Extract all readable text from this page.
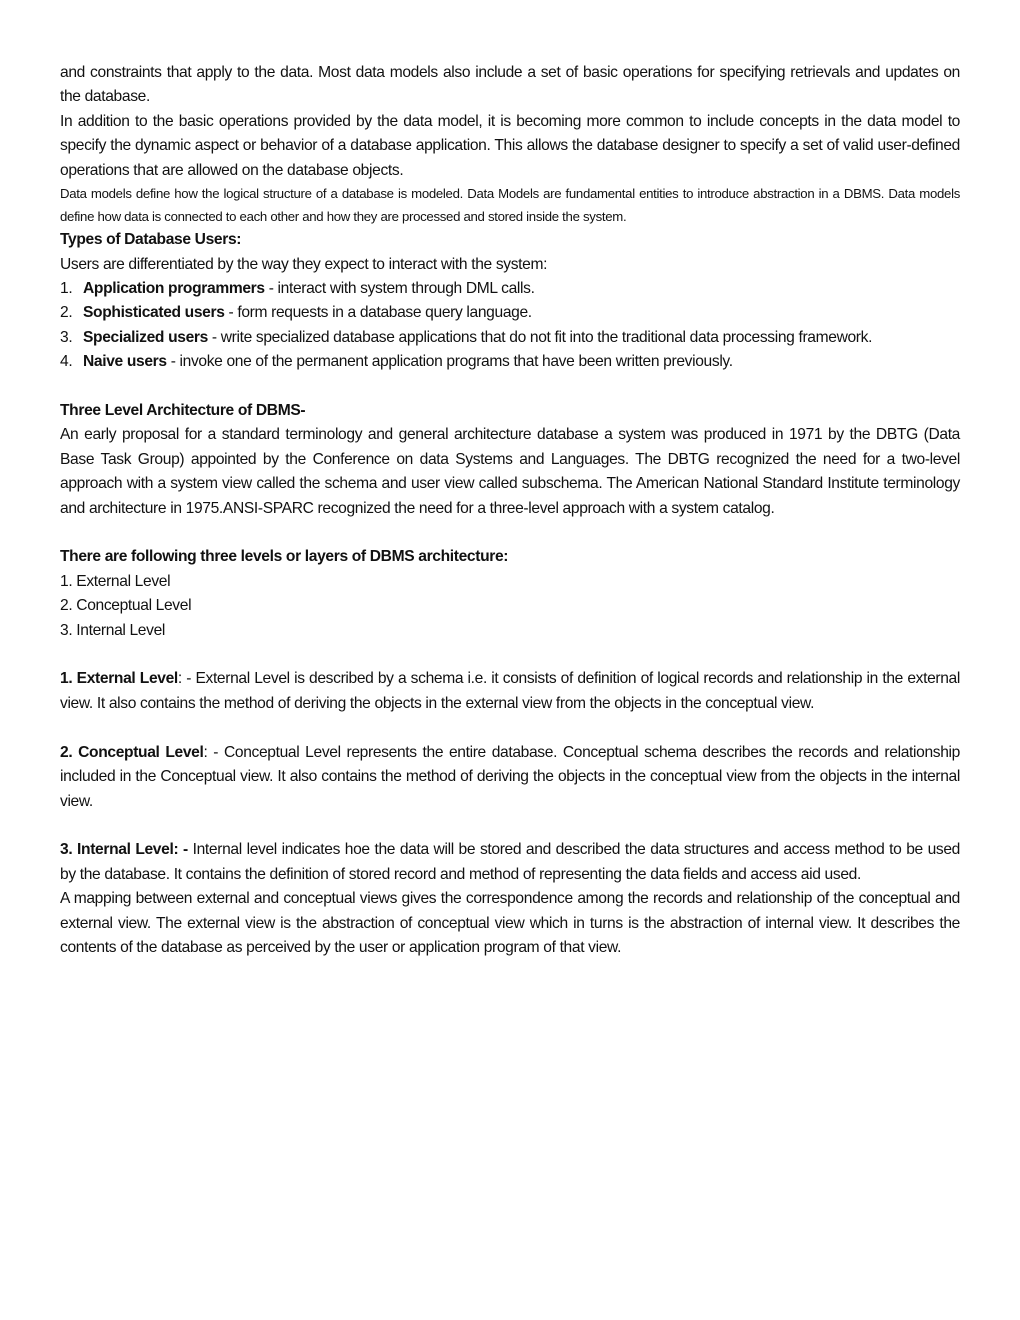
and constraints that apply to the data. Most data models also include a set of basic operations for specifying retrievals and updates on the database.

In addition to the basic operations provided by the data model, it is becoming more common to include concepts in the data model to specify the dynamic aspect or behavior of a database application. This allows the database designer to specify a set of valid user-defined operations that are allowed on the database objects.

Data models define how the logical structure of a database is modeled. Data Models are fundamental entities to introduce abstraction in a DBMS. Data models define how data is connected to each other and how they are processed and stored inside the system.

Types of Database Users:

Users are differentiated by the way they expect to interact with the system:

1. Application programmers - interact with system through DML calls.
2. Sophisticated users - form requests in a database query language.
3. Specialized users - write specialized database applications that do not fit into the traditional data processing framework.
4. Naive users - invoke one of the permanent application programs that have been written previously.

Three Level Architecture of DBMS-

An early proposal for a standard terminology and general architecture database a system was produced in 1971 by the DBTG (Data Base Task Group) appointed by the Conference on data Systems and Languages. The DBTG recognized the need for a two-level approach with a system view called the schema and user view called subschema. The American National Standard Institute terminology and architecture in 1975.ANSI-SPARC recognized the need for a three-level approach with a system catalog.

There are following three levels or layers of DBMS architecture:

1. External Level

2. Conceptual Level

3. Internal Level

1. External Level: - External Level is described by a schema i.e. it consists of definition of logical records and relationship in the external view. It also contains the method of deriving the objects in the external view from the objects in the conceptual view.

2. Conceptual Level: - Conceptual Level represents the entire database. Conceptual schema describes the records and relationship included in the Conceptual view. It also contains the method of deriving the objects in the conceptual view from the objects in the internal view.

3. Internal Level: - Internal level indicates hoe the data will be stored and described the data structures and access method to be used by the database. It contains the definition of stored record and method of representing the data fields and access aid used.

A mapping between external and conceptual views gives the correspondence among the records and relationship of the conceptual and external view. The external view is the abstraction of conceptual view which in turns is the abstraction of internal view. It describes the contents of the database as perceived by the user or application program of that view.
